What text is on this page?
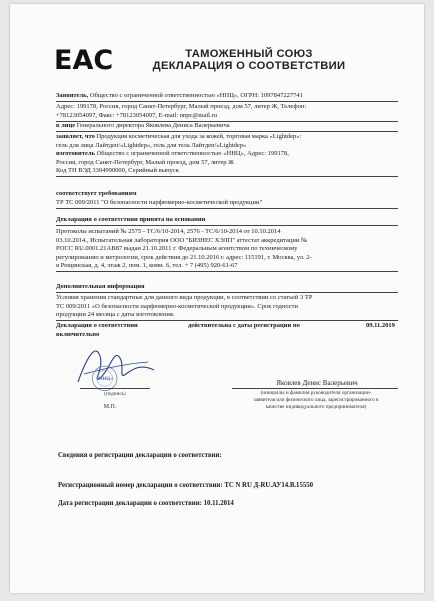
EAC	ТАМОЖЕННЫЙ СОЮЗ
ДЕКЛАРАЦИЯ О СООТВЕТСТВИИ
Заявитель, Общество с ограниченной ответственностью «ННЦ», ОГРН: 1097847227741
Адрес: 199178, Россия, город Санкт-Петербург, Малый проезд, дом 57, литер Ж, Телефон:
+78123054097, Факс: +78123054097, E-mail: nnpc@mail.ru
в лице Генерального директора Яковлева Дениса Валерьевича
заявляет, что Продукция косметическая для ухода за кожей, торговая марка «Lightdep»:
гель для лица Лайтдеп/«Lightdep», гель для тела Лайтдеп/«Lightdep»
изготовитель Общество с ограниченной ответственностью «ННЦ», Адрес: 199178,
Россия, город Санкт-Петербург, Малый проезд, дом 57, литер Ж
Код ТН ВЭД 3304990000, Серийный выпуск
соответствует требованиям
ТР ТС 009/2011 "О безопасности парфюмерно-косметической продукции"
Декларация о соответствии принята на основании
Протоколы испытаний № 2575 - ТС/6/10-2014, 2576 - ТС/6/10-2014 от 10.10.2014
03.10.2014., Испытательная лаборатория ООО "БИЗНЕС ХЭЛП" аттестат аккредитации №
РОСС RU.0001.21АВ87 выдан 21.10.2011 г. Федеральным агентством по техническому
регулированию и метрологии, срок действия до 21.10.2016 г. адрес: 115191, г. Москва, ул. 2-
я Рощинская, д. 4, этаж 2, пом. 1, комн. 6, тел. + 7 (495) 920-61-67
Дополнительная информация
Условия хранения стандартные для данного вида продукции, в соответствии со статьей 3 ТР
ТС 009/2011 «О безопасности парфюмерно-косметической продукции». Срок годности
продукции 24 месяца с даты изготовления.
Декларация о соответствии	действительна с даты регистрации по	09.11.2019
включительно
«ННЦ»
(подпись)
М.П.
Яковлев Денис Валерьевич
(инициалы и фамилия руководителя организации-
заявителя или физического лица, зарегистрированного в
качестве индивидуального предпринимателя)
Сведения о регистрации декларации о соответствии:
Регистрационный номер декларации о соответствии: ТС N RU Д-RU.АУ14.В.15550
Дата регистрации декларации о соответствии: 10.11.2014
